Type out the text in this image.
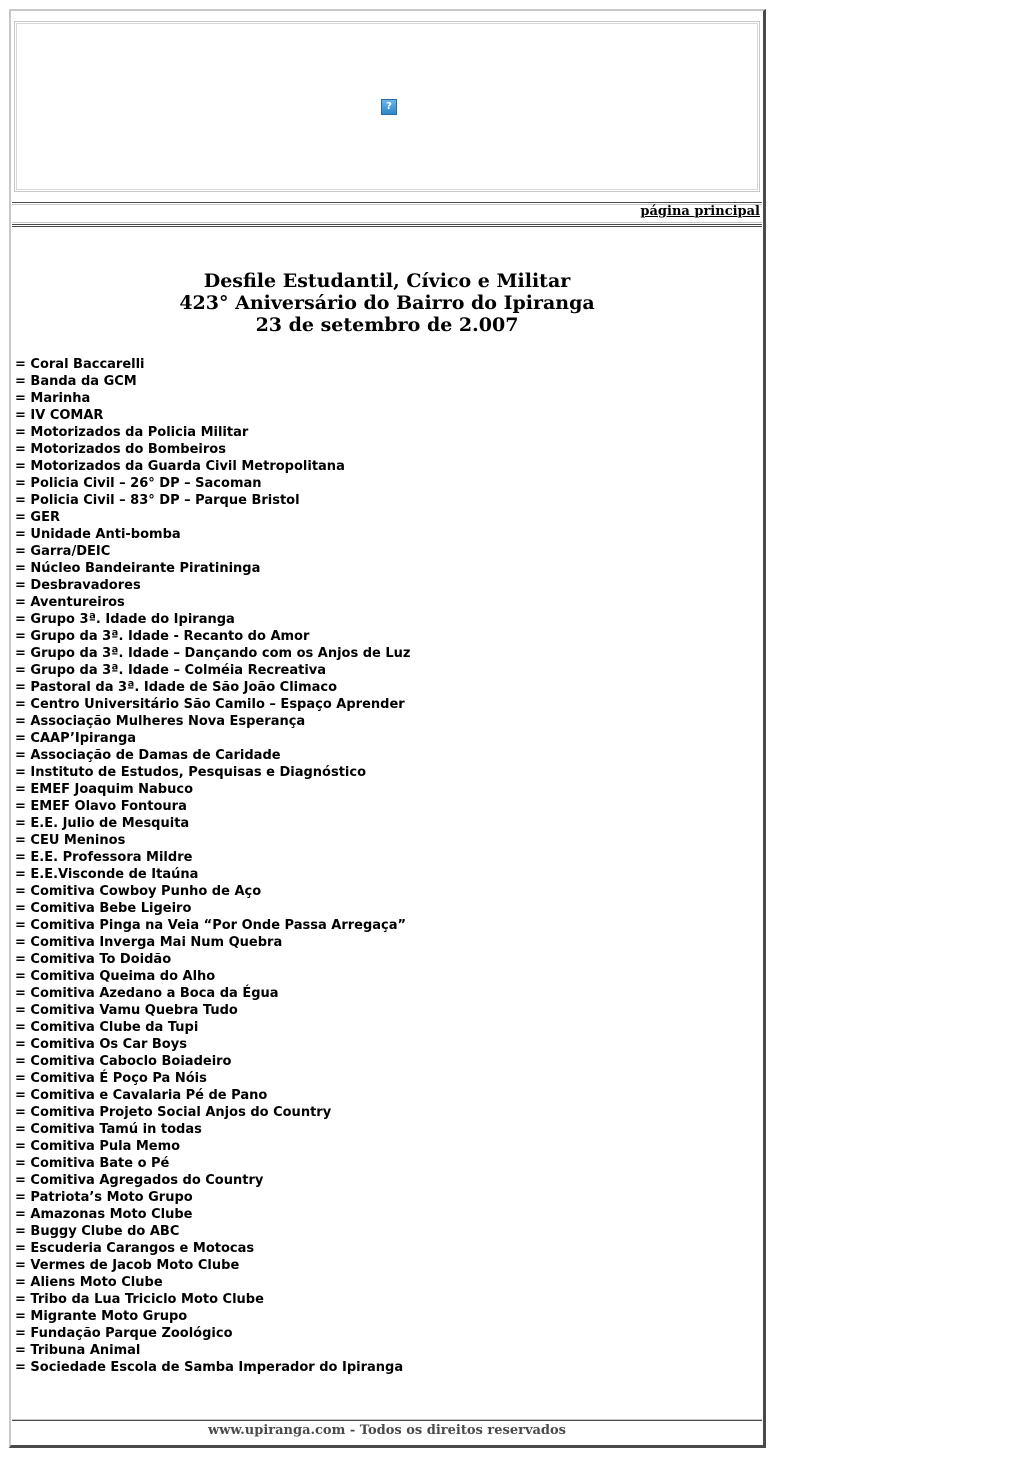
?
página principal
Desfile Estudantil, Cívico e Militar
423° Aniversário do Bairro do Ipiranga
23 de setembro de 2.007
= Coral Baccarelli
= Banda da GCM
= Marinha
= IV COMAR
= Motorizados da Policia Militar
= Motorizados do Bombeiros
= Motorizados da Guarda Civil Metropolitana
= Policia Civil – 26° DP – Sacoman
= Policia Civil – 83° DP – Parque Bristol
= GER
= Unidade Anti-bomba
= Garra/DEIC
= Núcleo Bandeirante Piratininga
= Desbravadores
= Aventureiros
= Grupo 3ª. Idade do Ipiranga
= Grupo da 3ª. Idade - Recanto do Amor
= Grupo da 3ª. Idade – Dançando com os Anjos de Luz
= Grupo da 3ª. Idade – Colméia Recreativa
= Pastoral da 3ª. Idade de São João Climaco
= Centro Universitário São Camilo – Espaço Aprender
= Associação Mulheres Nova Esperança
= CAAP’Ipiranga
= Associação de Damas de Caridade
= Instituto de Estudos, Pesquisas e Diagnóstico
= EMEF Joaquim Nabuco
= EMEF Olavo Fontoura
= E.E. Julio de Mesquita
= CEU Meninos
= E.E. Professora Mildre
= E.E.Visconde de Itaúna
= Comitiva Cowboy Punho de Aço
= Comitiva Bebe Ligeiro
= Comitiva Pinga na Veia “Por Onde Passa Arregaça”
= Comitiva Inverga Mai Num Quebra
= Comitiva To Doidão
= Comitiva Queima do Alho
= Comitiva Azedano a Boca da Égua
= Comitiva Vamu Quebra Tudo
= Comitiva Clube da Tupi
= Comitiva Os Car Boys
= Comitiva Caboclo Boiadeiro
= Comitiva É Poço Pa Nóis
= Comitiva e Cavalaria Pé de Pano
= Comitiva Projeto Social Anjos do Country
= Comitiva Tamú in todas
= Comitiva Pula Memo
= Comitiva Bate o Pé
= Comitiva Agregados do Country
= Patriota’s Moto Grupo
= Amazonas Moto Clube
= Buggy Clube do ABC
= Escuderia Carangos e Motocas
= Vermes de Jacob Moto Clube
= Aliens Moto Clube
= Tribo da Lua Triciclo Moto Clube
= Migrante Moto Grupo
= Fundação Parque Zoológico
= Tribuna Animal
= Sociedade Escola de Samba Imperador do Ipiranga
www.upiranga.com - Todos os direitos reservados
